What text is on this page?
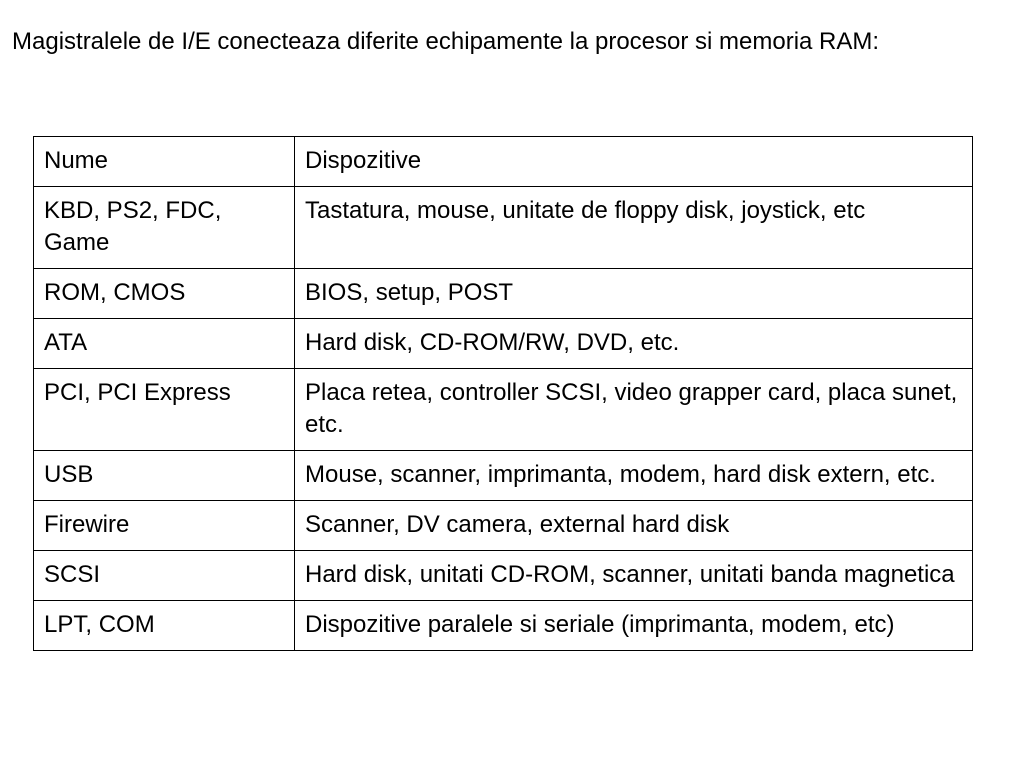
Magistralele de I/E conecteaza diferite echipamente la procesor si memoria RAM:

Nume	Dispozitive
KBD, PS2, FDC, Game	Tastatura, mouse, unitate de floppy disk, joystick, etc
ROM, CMOS	BIOS, setup, POST
ATA	Hard disk, CD-ROM/RW, DVD, etc.
PCI, PCI Express	Placa retea, controller SCSI, video grapper card, placa sunet, etc.
USB	Mouse, scanner, imprimanta, modem, hard disk extern, etc.
Firewire	Scanner, DV camera, external hard disk
SCSI	Hard disk, unitati CD-ROM, scanner, unitati banda magnetica
LPT, COM	Dispozitive paralele si seriale (imprimanta, modem, etc)
